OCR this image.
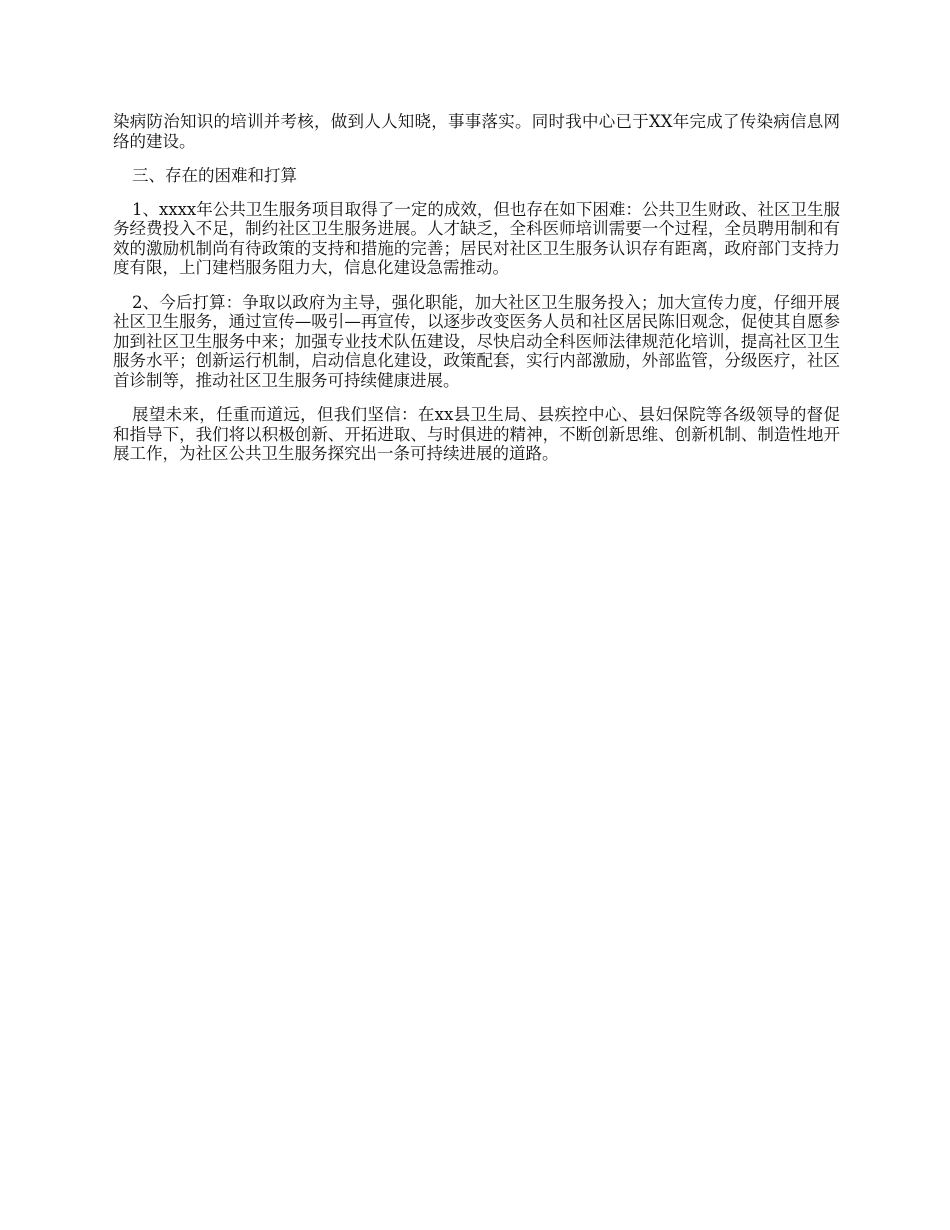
染病防治知识的培训并考核，做到人人知晓，事事落实。同时我中心已于XX年完成了传染病信息网络的建设。

三、存在的困难和打算

1、xxxx年公共卫生服务项目取得了一定的成效，但也存在如下困难：公共卫生财政、社区卫生服务经费投入不足，制约社区卫生服务进展。人才缺乏，全科医师培训需要一个过程，全员聘用制和有效的激励机制尚有待政策的支持和措施的完善；居民对社区卫生服务认识存有距离，政府部门支持力度有限，上门建档服务阻力大，信息化建设急需推动。

2、今后打算：争取以政府为主导，强化职能，加大社区卫生服务投入；加大宣传力度，仔细开展社区卫生服务，通过宣传—吸引—再宣传，以逐步改变医务人员和社区居民陈旧观念，促使其自愿参加到社区卫生服务中来；加强专业技术队伍建设，尽快启动全科医师法律规范化培训，提高社区卫生服务水平；创新运行机制，启动信息化建设，政策配套，实行内部激励，外部监管，分级医疗，社区首诊制等，推动社区卫生服务可持续健康进展。

展望未来，任重而道远，但我们坚信：在xx县卫生局、县疾控中心、县妇保院等各级领导的督促和指导下，我们将以积极创新、开拓进取、与时俱进的精神，不断创新思维、创新机制、制造性地开展工作，为社区公共卫生服务探究出一条可持续进展的道路。
